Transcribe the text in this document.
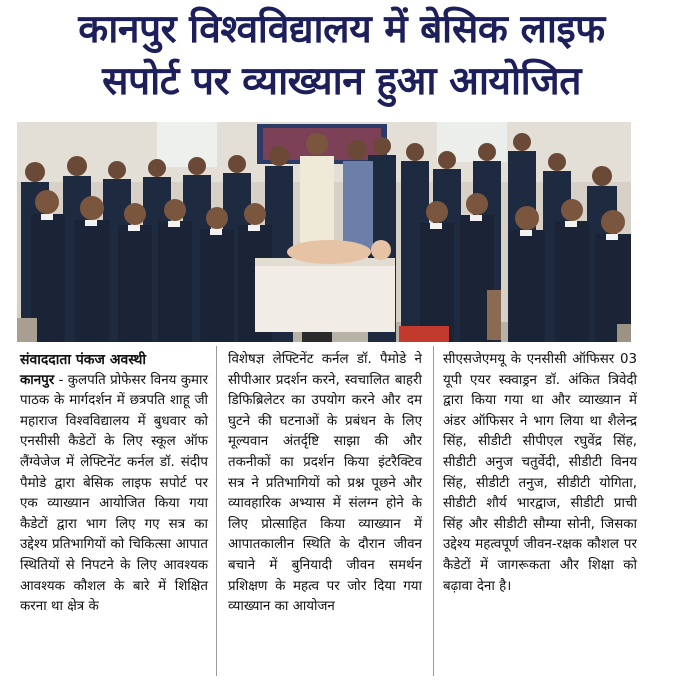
कानपुर विश्वविद्यालय में बेसिक लाइफ
सपोर्ट पर व्याख्यान हुआ आयोजित
संवाददाता पंकज अवस्थी

कानपुर - कुलपति प्रोफेसर विनय कुमार पाठक के मार्गदर्शन में छत्रपति शाहू जी महाराज विश्वविद्यालय में बुधवार को एनसीसी कैडेटों के लिए स्कूल ऑफ लैंग्वेजेज में लेफ्टिनेंट कर्नल डॉ. संदीप पैमोडे द्वारा बेसिक लाइफ सपोर्ट पर एक व्याख्यान आयोजित किया गया कैडेटों द्वारा भाग लिए गए सत्र का उद्देश्य प्रतिभागियों को चिकित्सा आपात स्थितियों से निपटने के लिए आवश्यक आवश्यक कौशल के बारे में शिक्षित करना था क्षेत्र के

विशेषज्ञ लेफ्टिनेंट कर्नल डॉ. पैमोडे ने सीपीआर प्रदर्शन करने, स्वचालित बाहरी डिफिब्रिलेटर का उपयोग करने और दम घुटने की घटनाओं के प्रबंधन के लिए मूल्यवान अंतर्दृष्टि साझा की और तकनीकों का प्रदर्शन किया इंटरैक्टिव सत्र ने प्रतिभागियों को प्रश्न पूछने और व्यावहारिक अभ्यास में संलग्न होने के लिए प्रोत्साहित किया व्याख्यान में आपातकालीन स्थिति के दौरान जीवन बचाने में बुनियादी जीवन समर्थन प्रशिक्षण के महत्व पर जोर दिया गया व्याख्यान का आयोजन

सीएसजेएमयू के एनसीसी ऑफिसर 03 यूपी एयर स्क्वाड्रन डॉ. अंकित त्रिवेदी द्वारा किया गया था और व्याख्यान में अंडर ऑफिसर ने भाग लिया था शैलेन्द्र सिंह, सीडीटी सीपीएल रघुवेंद्र सिंह, सीडीटी अनुज चतुर्वेदी, सीडीटी विनय सिंह, सीडीटी तनुज, सीडीटी योगिता, सीडीटी शौर्य भारद्वाज, सीडीटी प्राची सिंह और सीडीटी सौम्या सोनी, जिसका उद्देश्य महत्वपूर्ण जीवन-रक्षक कौशल पर कैडेटों में जागरूकता और शिक्षा को बढ़ावा देना है।
